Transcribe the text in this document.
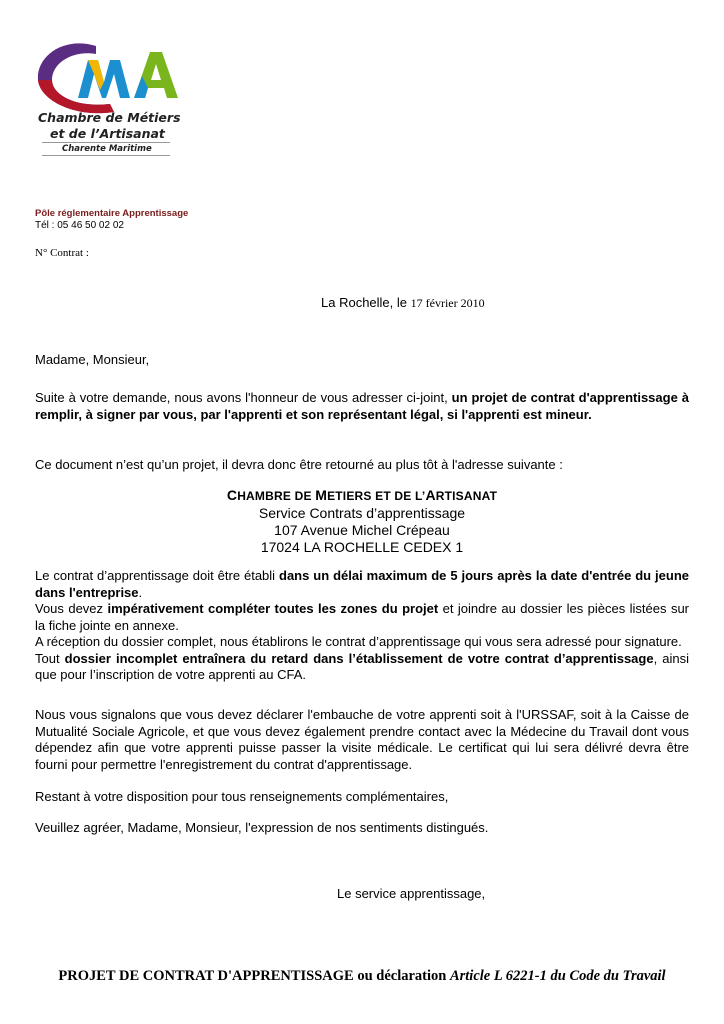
Chambre de Métiers
et de l’Artisanat
Charente Maritime
Pôle réglementaire Apprentissage
Tél : 05 46 50 02 02
N° Contrat :
La Rochelle, le 17 février 2010
Madame, Monsieur,
Suite à votre demande, nous avons l'honneur de vous adresser ci-joint, un projet de contrat d'apprentissage à remplir, à signer par vous, par l'apprenti et son représentant légal, si l'apprenti est mineur.
Ce document n’est qu’un projet, il devra donc être retourné au plus tôt à l'adresse suivante :
CHAMBRE DE METIERS ET DE L’ARTISANAT
Service Contrats d’apprentissage
107 Avenue Michel Crépeau
17024 LA ROCHELLE CEDEX 1
Le contrat d’apprentissage doit être établi dans un délai maximum de 5 jours après la date d'entrée du jeune dans l'entreprise.
Vous devez impérativement compléter toutes les zones du projet et joindre au dossier les pièces listées sur la fiche jointe en annexe.
A réception du dossier complet, nous établirons le contrat d’apprentissage qui vous sera adressé pour signature.
Tout dossier incomplet entraînera du retard dans l’établissement de votre contrat d’apprentissage, ainsi que pour l’inscription de votre apprenti au CFA.
Nous vous signalons que vous devez déclarer l'embauche de votre apprenti soit à l'URSSAF, soit à la Caisse de Mutualité Sociale Agricole, et que vous devez également prendre contact avec la Médecine du Travail dont vous dépendez afin que votre apprenti puisse passer la visite médicale. Le certificat qui lui sera délivré devra être fourni pour permettre l'enregistrement du contrat d'apprentissage.
Restant à votre disposition pour tous renseignements complémentaires,
Veuillez agréer, Madame, Monsieur, l'expression de nos sentiments distingués.
Le service apprentissage,
PROJET DE CONTRAT D'APPRENTISSAGE ou déclaration Article L 6221-1 du Code du Travail
